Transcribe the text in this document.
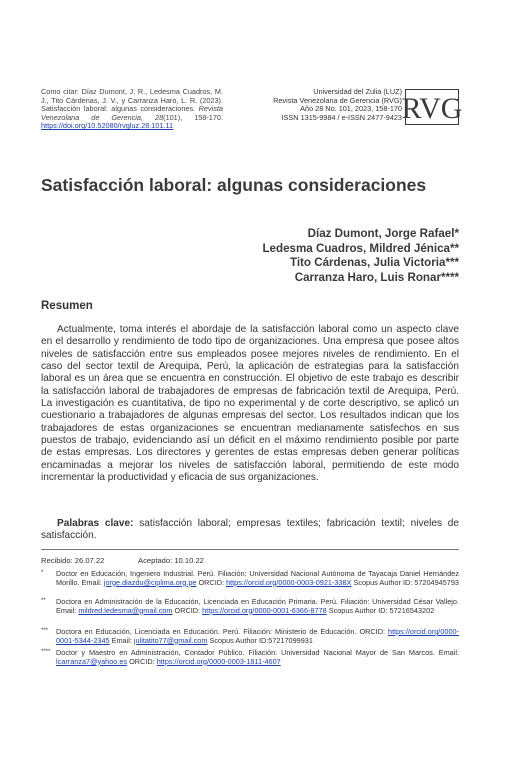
Como citar: Díaz Dumont, J. R., Ledesma Cuadros, M. J., Tito Cárdenas, J. V., y Carranza Haro, L. R. (2023). Satisfacción laboral: algunas consideraciones. Revista Venezolana de Gerencia, 28(101), 158-170. https://doi.org/10.52080/rvgluz.28.101.11
Universidad del Zulia (LUZ)
Revista Venezolana de Gerencia (RVG)
Año 28 No. 101, 2023, 158-170
ISSN 1315-9984 / e-ISSN 2477-9423 RVG
Satisfacción laboral: algunas consideraciones
Díaz Dumont, Jorge Rafael*
Ledesma Cuadros, Mildred Jénica**
Tito Cárdenas, Julia Victoria***
Carranza Haro, Luis Ronar****
Resumen

Actualmente, toma interés el abordaje de la satisfacción laboral como un aspecto clave en el desarrollo y rendimiento de todo tipo de organizaciones. Una empresa que posee altos niveles de satisfacción entre sus empleados posee mejores niveles de rendimiento. En el caso del sector textil de Arequipa, Perú, la aplicación de estrategias para la satisfacción laboral es un área que se encuentra en construcción. El objetivo de este trabajo es describir la satisfacción laboral de trabajadores de empresas de fabricación textil de Arequipa, Perú. La investigación es cuantitativa, de tipo no experimental y de corte descriptivo, se aplicó un cuestionario a trabajadores de algunas empresas del sector. Los resultados indican que los trabajadores de estas organizaciones se encuentran medianamente satisfechos en sus puestos de trabajo, evidenciando así un déficit en el máximo rendimiento posible por parte de estas empresas. Los directores y gerentes de estas empresas deben generar políticas encaminadas a mejorar los niveles de satisfacción laboral, permitiendo de este modo incrementar la productividad y eficacia de sus organizaciones.

Palabras clave: satisfacción laboral; empresas textiles; fabricación textil; niveles de satisfacción.

Recibido: 26.07.22	Aceptado: 10.10.22
* Doctor en Educación, Ingeniero Industrial. Perú. Filiación: Universidad Nacional Autónoma de Tayacaja Daniel Hernández Morillo. Email: jorge.diazdu@ciplima.org.pe ORCID: https://orcid.org/0000-0003-0921-338X Scopus Author ID: 57204945793
** Doctora en Administración de la Educación, Licenciada en Educación Primaria. Perú. Filiación: Universidad César Vallejo. Email: mildred.ledesma@gmail.com ORCID: https://orcid.org/0000-0001-6366-8778 Scopus Author ID: 57216543202
*** Doctora en Educación, Licenciada en Educación. Perú. Filiación: Ministerio de Educación. ORCID: https://orcid.org/0000-0001-5344-2345 Email: julitatito77@gmail.com Scopus Author ID:57217099931
**** Doctor y Maestro en Administración, Contador Público. Filiación: Universidad Nacional Mayor de San Marcos. Email: lcarranza7@yahoo.es ORCID: https://orcid.org/0000-0003-1811-4607
